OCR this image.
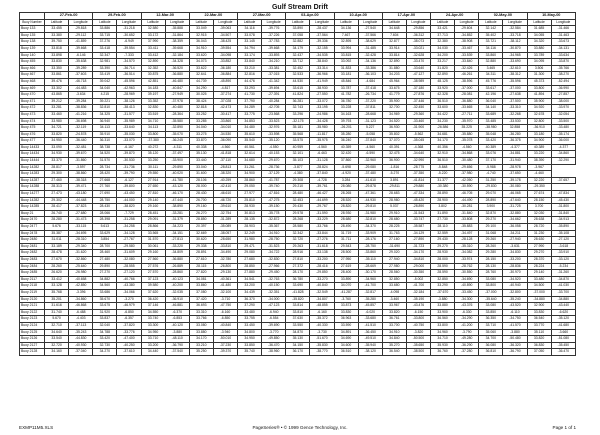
Gulf Stream Drift
	27-Feb-00		29-Feb-00		12-Mar-00		22-Mar-00		27-Mar-00		03-Apr-00		10-Apr-00		17-Apr-00		24-Apr-00		02-May-00		10-May-00	
Buoy Number	Latitude	Longitude	Latitude	Longitude	Latitude	Longitude	Latitude	Longitude	Latitude	Longitude	Latitude	Longitude	Latitude	Longitude	Latitude	Longitude	Latitude	Longitude	Latitude	Longitude	Latitude	Longitude
Buoy 133	33.455	-29.818	33.886	-31.218	32.580	-35.888	33.049	-39.063	34.116	-39.776	33.890	-28.437	34.136	-27.540	34.648	-29.856	33.421	-29.604	32.142	-32.584	31.685	-31.466
Buoy 135	33.380	-29.112	33.715	-30.652	33.172	-31.864	32.915	-34.507	33.078	-37.226	37.058	-37.564	7.467	-37.566	7.604	-36.312	37.713	-34.852	35.402	-33.718	34.055	-31.463
Buoy 138	39.750	-41.859	37.276	-6.949	37.990	-38.359	36.043	-38.425	33.145	-37.783	32.882	-39.336	32.895	-38.629	32.877	-38.073	32.380	-38.908	33.721	-38.112	34.320	-33.673
Buoy 139	33.818	-39.668	33.418	-39.554	33.411	-39.668	34.910	-39.554	34.794	-39.668	34.179	-32.155	33.994	-31.485	33.914	-33.021	34.030	-33.467	34.116	-30.870	33.880	-34.131
Buoy 140	33.898	-6.146	32.347	-7.333	33.412	-32.184	33.620	-34.098	33.174	-33.893	32.437	-34.535	33.815	-32.428	33.814	-32.628	34.200	-33.539	33.860	-34.965	33.789	-33.634
Buoy 455	33.830	-35.638	32.981	-34.570	32.890	-34.328	34.073	-33.852	33.840	-34.210	33.712	-38.840	33.092	-34.136	32.890	-33.470	33.217	-33.840	32.880	-33.690	34.095	-33.870
Buoy 466	33.350	-39.289	33.390	-36.714	32.352	-36.520	33.622	-36.180	33.210	-33.381	32.452	-33.314	31.833	-33.386	31.880	-33.640	31.820	-32.426	3.465	-32.610	3.506	-35.766
Buoy 467	33.861	-37.603	33.419	-36.514	30.875	-36.880	32.641	-36.884	32.816	-37.015	32.533	-36.966	33.181	-36.103	34.203	-47.127	32.890	-46.261	34.311	-38.312	31.300	-38.270
Buoy 468	39.476	-46.718	39.042	-45.596	42.851	-46.480	44.739	-45.890	44.476	-41.342	44.530	-41.949	45.846	-4.684	45.964	-38.989	48.125	-38.596	45.776	-35.596	45.373	-52.494
Buoy 469	33.302	-44.483	34.040	-42.963	34.183	-40.847	34.290	-4.817	33.293	-39.694	33.615	-38.930	33.787	-37.418	33.675	-37.180	33.920	-37.000	33.617	-37.000	33.800	-36.990
Buoy 470	43.865	-3.634	4.215	-28.969	39.197	-27.949	30.025	-37.274	41.730	-27.391	41.824	-27.550	41.782	-26.734	41.779	-27.876	42.328	-28.081	42.196	-27.638	41.894	-27.857
Buoy 471	39.212	-39.284	39.221	-38.126	33.352	-37.978	38.424	-37.028	37.790	-40.284	36.281	-33.072	36.780	-37.220	35.900	-37.446	36.510	-36.880	36.040	-37.500	35.900	-38.000
Buoy 472	33.281	-38.836	32.810	-38.413	32.830	-40.480	32.818	-42.473	34.289	-42.705	32.743	-33.195	33.228	-37.811	32.700	-32.450	33.600	-33.665	34.140	-33.310	34.920	-33.970
Buoy 473	33.460	-41.216	34.325	-31.577	33.519	-28.364	33.252	-30.417	33.775	-23.568	33.296	-24.986	34.163	-28.668	34.969	-29.360	34.422	-27.711	33.689	-32.268	32.678	-32.054
Buoy 474	33.980	-36.698	36.940	-35.989	34.710	-35.580	33.285	-33.860	34.853	-33.523	-32.175	-34.428	39.793	-31.123	34.520	-33.460	34.230	-35.970	33.485	-33.530	32.800	-33.500
Buoy 475	34.721	-32.119	34.113	-33.640	34.113	-32.890	34.040	-34.010	34.480	-32.976	35.181	-35.980	-26.201	5.227	36.930	-31.900	-26.586	35.225	-38.980	32.858	-36.910	-33.480
Buoy 476	33.820	-24.578	35.910	-35.030	33.800	-35.070	33.275	-34.530	35.610	-33.598	35.568	-11.817	35.280	-5.058	35.802	-5.562	34.681	-35.880	35.048	-36.280	33.180	-35.174
Buoy 477	34.950	-36.440	36.310	-33.070	-37.380	-36.245	33.870	-36.090	35.540	-35.120	33.575	-35.975	36.240	-37.840	37.070	-35.045	34.170	-35.078	33.420	-36.375	34.900	-36.000
Buoy 14433	33.090	-32.481	38.738	-6.167	40.272	-4.311	40.338	-4.560	40.561	-4.550	40.959	-4.560	40.359	-4.560	40.391	-4.368	40.356	-4.560	40.389	-4.377	40.389	-4.377
Buoy 14434	34.930	-39.670	34.520	-39.870	35.120	-37.497	35.130	-41.818	32.614	-40.153	32.101	-6.463	32.420	-6.590	32.475	-34.640	32.910	-34.868	33.076	-34.881	33.220	-34.860
Buoy 14444	33.370	-31.860	31.570	-30.530	33.250	-33.900	33.440	-37.110	34.680	-29.670	35.103	-31.128	37.860	-32.960	36.900	-32.990	36.510	-30.480	37.170	-31.940	38.390	-32.290
Buoy 14282	28.817	-3.597	28.734	-31.736	30.111	-29.890	33.040	-28.813	31.261	-28.736	-3.877	-28.824	-5.698	-29.080	-1.816	-28.775	-5.848	-29.656	-5.988	-28.978	-3.967	
Buoy 14283	29.300	-38.860	28.420	-39.790	29.550	-40.020	31.600	-38.320	34.900	-37.129	-4.380	-37.840	-4.920	-37.480	-5.270	-37.350	-5.220	-37.980	-4.740	-37.650	-4.460	
Buoy 14287	27.460	-38.318	27.668	-6.127	27.914	-41.780	28.106	-40.259	28.860	-41.787	29.308	-4.728	3.284	-41.610	3.891	-41.814	31.377	-42.050	31.250	-39.178	32.220	-37.657
Buoy 14288	28.313	-39.471	27.760	-39.800	27.650	-43.120	28.000	-42.410	29.050	-39.740	29.210	-39.761	28.080	-29.878	-29.811	-29.880	-30.380	-30.590	-29.830	-30.080	-29.350	
Buoy 14277	27.473	-43.180	27.690	-43.450	27.810	-46.170	28.430	-46.610	27.977	-47.816	28.480	-46.427	28.265	-47.361	28.683	-47.334	28.890	-46.705	29.070	-46.065	27.674	-47.834
Buoy 14282	29.302	-44.448	28.750	-44.000	29.140	-47.440	26.700	-46.720	25.810	-47.275	32.453	-44.699	28.520	-44.930	28.980	-45.420	28.900	-44.490	28.890	-47.640	28.150	-45.430
Buoy 14285	28.417	-37.823	28.430	-38.820	29.160	-38.890	29.160	-39.610	28.930	-39.150	29.430	-29.767	28.820	-29.810	5.037	-28.890	3.802	-30.281	3.900	-31.725	3.700	-31.800
Buoy 21	26.740	-27.680	28.066	-7.729	28.451	-33.281	26.270	-32.754	30.813	-35.778	29.578	-31.590	28.930	-31.980	29.910	-31.543	31.890	-31.840	32.870	-32.880	32.030	-31.840
Buoy 2470	28.280	-31.473	28.398	-31.258	29.091	-31.379	28.850	-31.289	28.135	-32.872	28.268	-33.229	28.680	-32.810	28.680	-33.747	27.730	-33.808	29.270	-34.662	28.638	-34.913
Buoy 2477	5.676	-33.115	5.613	-34.258	28.866	-34.223	20.397	-35.089	28.903	-35.367	28.580	-33.766	28.490	-34.370	28.225	-35.587	28.110	-35.883	29.100	-36.058	28.720	-35.890
Buoy 2478	35.387	-34.695	33.629	-34.128	33.565	-34.151	32.669	-38.057	32.249	-34.910	32.342	-33.844	31.719	-33.909	31.763	-34.129	32.559	-34.497	31.068	-34.211	31.230	-35.108
Buoy 2480	31.011	-28.310	3.854	-27.767	31.570	-27.813	30.620	-28.650	31.980	-28.750	32.720	-27.276	31.711	-28.176	27.160	-27.890	29.430	-28.128	29.260	-27.940	28.630	-27.120
Buoy 2481	33.189	-29.340	28.700	-29.580	30.061	-33.220	29.338	-33.810	29.471	-31.523	29.263	-31.618	29.543	-28.750	-31.690	-31.723	29.270	-35.310	28.260	-3.631	27.990	-3.618
Buoy 2482	28.478	-31.620	28.460	-31.609	29.160	-34.809	28.891	-34.490	29.080	-34.722	28.916	-33.138	28.500	-33.860	29.020	-34.170	28.930	-34.082	29.280	-34.830	29.270	-33.910
Buoy 2483	27.670	-32.860	27.480	-32.080	27.560	-36.880	27.610	-32.780	27.680	-32.830	27.810	-33.200	27.950	-35.110	27.940	-34.810	28.000	-33.974	28.150	-33.200	28.370	-33.120
Buoy 2484	28.260	-25.640	29.890	-28.555	27.576	-26.889	28.115	-26.800	28.850	-27.966	27.372	-28.416	27.619	-28.669	27.980	-29.000	28.590	-28.762	28.130	-28.836	28.224	-5.234
Buoy 2485	26.620	-26.980	27.270	-27.120	27.570	-28.860	27.820	-29.130	27.880	-29.450	28.170	-29.850	28.400	-30.170	28.560	-30.350	28.590	-30.550	28.760	-30.970	29.140	-31.260
Buoy 2117	33.412	-40.658	34.882	-40.766	37.123	-40.123	34.081	-40.361	34.541	-32.763	36.780	-33.270	33.890	-34.960	32.850	-5.002	32.850	-34.690	33.080	-34.520	33.480	-34.870
Buoy 2118	33.128	-42.850	34.560	-43.380	39.580	-40.200	33.860	-41.480	33.200	-40.150	33.690	-40.840	34.070	-41.700	33.680	-41.700	33.290	-40.890	33.800	-40.940	34.500	-41.030
Buoy 2119	35.768	-3.396	33.686	-34.066	37.620	-32.035	37.080	-32.100	34.439	-32.351	-41.828	-32.549	-41.287	-32.817	-4.098	-32.184	-37.670	-33.450	-37.000	-32.800	-37.000	-33.700
Buoy 2120	35.201	-34.860	35.670	-3.270	36.420	-36.910	37.420	-3.710	36.370	-34.000	-35.820	-34.807	-3.760	-35.280	-3.460	-35.190	-3.880	-34.300	-35.640	-35.240	-34.880	-34.880
Buoy 2121	31.616	-46.868	33.675	-46.979	37.146	-46.881	36.693	-47.750	37.290	-47.123	33.814	-48.855	33.873	-45.857	33.967	-43.476	33.880	-43.376	33.080	-43.520	32.900	-43.440
Buoy 2122	31.740	-6.488	31.920	-6.850	34.550	-6.370	33.310	-6.160	33.480	-6.940	33.810	-6.160	33.830	-6.020	33.820	-6.150	33.900	-6.330	33.850	-6.110	33.830	-6.620
Buoy 2123	5.670	-4.403	33.837	-6.357	33.740	-6.853	33.766	-6.850	33.755	-6.554	37.630	-35.372	36.963	-33.680	36.761	-33.800	36.560	-34.290	36.350	-34.750	36.540	-35.120
Buoy 2124	32.710	-37.113	32.040	-37.820	33.300	-40.120	33.080	-40.840	33.450	-39.690	33.550	-40.330	33.590	-41.510	33.700	-40.750	33.800	-41.200	33.710	-41.570	33.770	-41.680
Buoy 2125	34.640	-35.243	34.788	-33.776	34.950	-3.880	33.880	-3.940	34.800	-3.770	34.870	-3.730	34.891	-36.450	34.910	-3.820	34.960	-3.790	35.060	-3.880	35.110	-3.660
Buoy 2126	33.540	-44.830	33.420	-47.400	33.710	-48.110	34.170	-50.010	34.950	-49.850	35.130	-51.670	34.690	-49.510	34.840	-50.500	34.710	-49.280	34.700	-50.480	33.820	-51.080
Buoy 2127	32.720	-40.930	32.730	-40.250	33.200	-36.790	33.210	-37.230	33.850	-36.470	34.150	-35.830	34.600	-35.940	35.270	-35.650	35.930	-36.290	36.080	-36.320	36.830	-35.450
Buoy 2128	34.160	-37.040	34.270	-37.610	34.440	-37.540	35.250	-39.370	35.740	-38.960	36.170	-38.770	36.510	-38.120	36.540	-38.500	36.760	-37.280	36.810	-36.790	37.050	-36.470
EXMP11M5.XLS	PageSeries® • © 1999 Gence Technology, Inc.	Page 1 of 1
